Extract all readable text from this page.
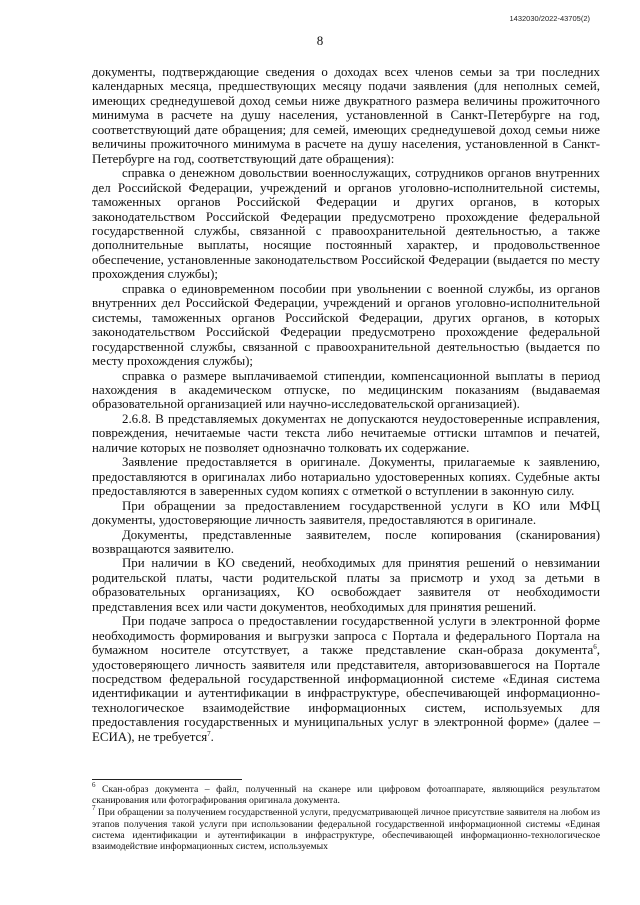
1432030/2022-43705(2)
8

документы, подтверждающие сведения о доходах всех членов семьи за три последних календарных месяца, предшествующих месяцу подачи заявления (для неполных семей, имеющих среднедушевой доход семьи ниже двукратного размера величины прожиточного минимума в расчете на душу населения, установленной в Санкт-Петербурге на год, соответствующий дате обращения; для семей, имеющих среднедушевой доход семьи ниже величины прожиточного минимума в расчете на душу населения, установленной в Санкт-Петербурге на год, соответствующий дате обращения):

справка о денежном довольствии военнослужащих, сотрудников органов внутренних дел Российской Федерации, учреждений и органов уголовно-исполнительной системы, таможенных органов Российской Федерации и других органов, в которых законодательством Российской Федерации предусмотрено прохождение федеральной государственной службы, связанной с правоохранительной деятельностью, а также дополнительные выплаты, носящие постоянный характер, и продовольственное обеспечение, установленные законодательством Российской Федерации (выдается по месту прохождения службы);

справка о единовременном пособии при увольнении с военной службы, из органов внутренних дел Российской Федерации, учреждений и органов уголовно-исполнительной системы, таможенных органов Российской Федерации, других органов, в которых законодательством Российской Федерации предусмотрено прохождение федеральной государственной службы, связанной с правоохранительной деятельностью (выдается по месту прохождения службы);

справка о размере выплачиваемой стипендии, компенсационной выплаты в период нахождения в академическом отпуске, по медицинским показаниям (выдаваемая образовательной организацией или научно-исследовательской организацией).

2.6.8. В представляемых документах не допускаются неудостоверенные исправления, повреждения, нечитаемые части текста либо нечитаемые оттиски штампов и печатей, наличие которых не позволяет однозначно толковать их содержание.

Заявление предоставляется в оригинале. Документы, прилагаемые к заявлению, предоставляются в оригиналах либо нотариально удостоверенных копиях. Судебные акты предоставляются в заверенных судом копиях с отметкой о вступлении в законную силу.

При обращении за предоставлением государственной услуги в КО или МФЦ документы, удостоверяющие личность заявителя, предоставляются в оригинале.

Документы, представленные заявителем, после копирования (сканирования) возвращаются заявителю.

При наличии в КО сведений, необходимых для принятия решений о невзимании родительской платы, части родительской платы за присмотр и уход за детьми в образовательных организациях, КО освобождает заявителя от необходимости представления всех или части документов, необходимых для принятия решений.

При подаче запроса о предоставлении государственной услуги в электронной форме необходимость формирования и выгрузки запроса с Портала и федерального Портала на бумажном носителе отсутствует, а также представление скан-образа документа$^6$, удостоверяющего личность заявителя или представителя, авторизовавшегося на Портале посредством федеральной государственной информационной системе «Единая система идентификации и аутентификации в инфраструктуре, обеспечивающей информационно-технологическое взаимодействие информационных систем, используемых для предоставления государственных и муниципальных услуг в электронной форме» (далее – ЕСИА), не требуется$^7$.

$^6$ Скан-образ документа – файл, полученный на сканере или цифровом фотоаппарате, являющийся результатом сканирования или фотографирования оригинала документа.

$^7$ При обращении за получением государственной услуги, предусматривающей личное присутствие заявителя на любом из этапов получения такой услуги при использовании федеральной государственной информационной системы «Единая система идентификации и аутентификации в инфраструктуре, обеспечивающей информационно-технологическое взаимодействие информационных систем, используемых
